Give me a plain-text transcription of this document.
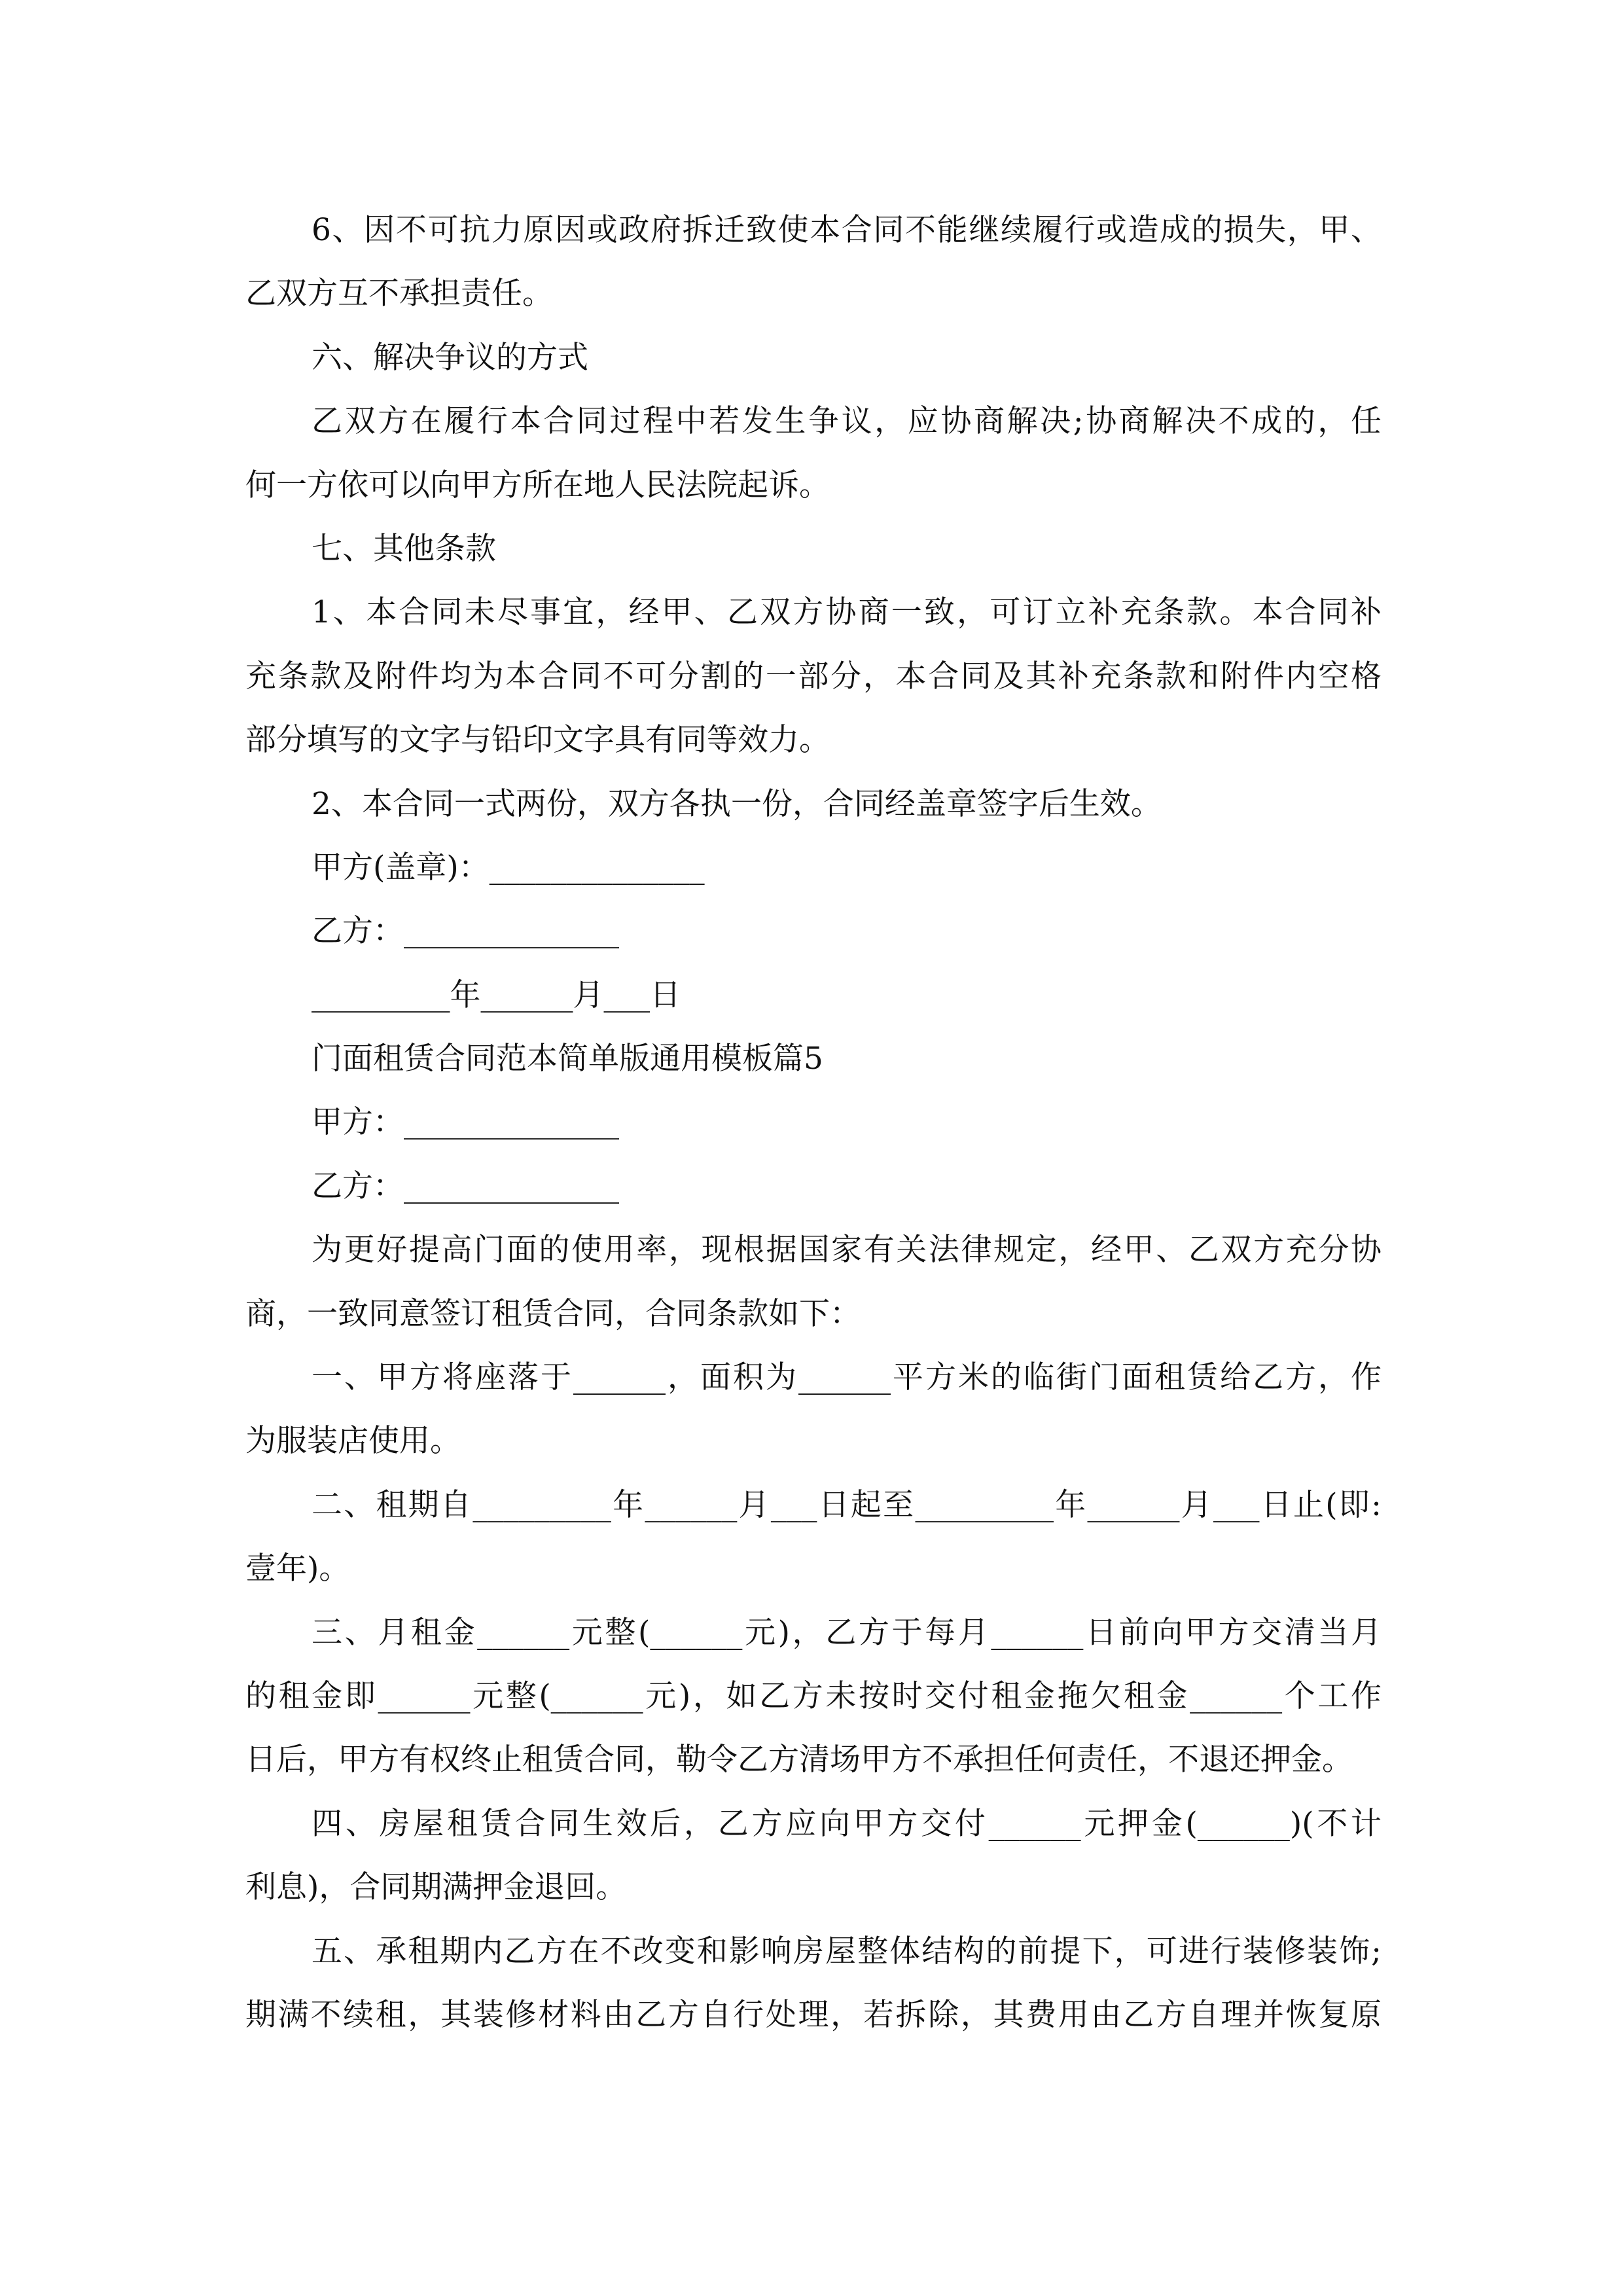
6、因不可抗力原因或政府拆迁致使本合同不能继续履行或造成的损失，甲、
乙双方互不承担责任。
六、解决争议的方式
乙双方在履行本合同过程中若发生争议，应协商解决;协商解决不成的，任
何一方依可以向甲方所在地人民法院起诉。
七、其他条款
1、本合同未尽事宜，经甲、乙双方协商一致，可订立补充条款。本合同补
充条款及附件均为本合同不可分割的一部分，本合同及其补充条款和附件内空格
部分填写的文字与铅印文字具有同等效力。
2、本合同一式两份，双方各执一份，合同经盖章签字后生效。
甲方(盖章)：______________
乙方：______________
_________年______月___日
门面租赁合同范本简单版通用模板篇5
甲方：______________
乙方：______________
为更好提高门面的使用率，现根据国家有关法律规定，经甲、乙双方充分协
商，一致同意签订租赁合同，合同条款如下：
一、甲方将座落于______，面积为______平方米的临街门面租赁给乙方，作
为服装店使用。
二、租期自_________年______月___日起至_________年______月___日止(即:
壹年)。
三、月租金______元整(______元)，乙方于每月______日前向甲方交清当月
的租金即______元整(______元)，如乙方未按时交付租金拖欠租金______个工作
日后，甲方有权终止租赁合同，勒令乙方清场甲方不承担任何责任，不退还押金。
四、房屋租赁合同生效后，乙方应向甲方交付______元押金(______)(不计
利息)，合同期满押金退回。
五、承租期内乙方在不改变和影响房屋整体结构的前提下，可进行装修装饰;
期满不续租，其装修材料由乙方自行处理，若拆除，其费用由乙方自理并恢复原
